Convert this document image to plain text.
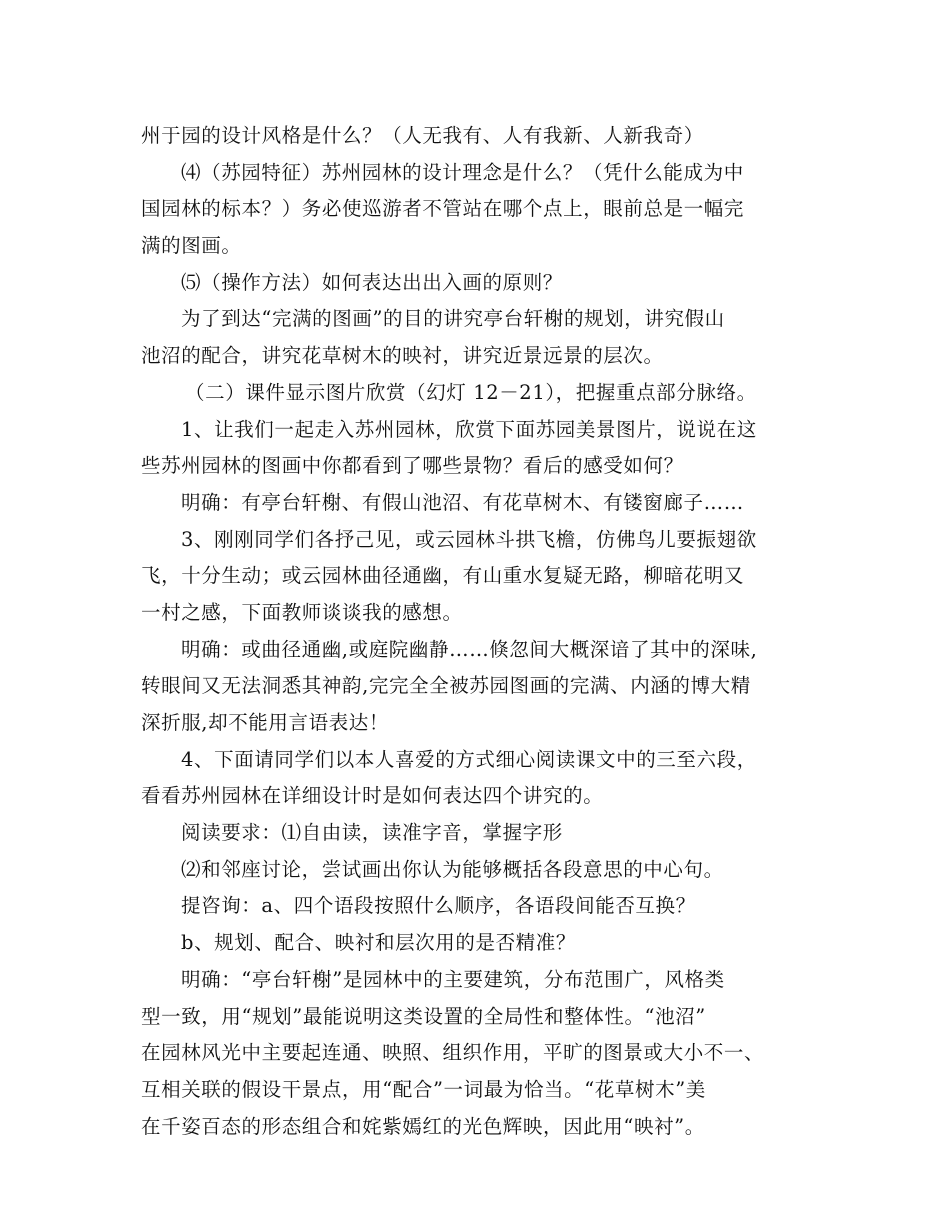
州于园的设计风格是什么？（人无我有、人有我新、人新我奇）
⑷（苏园特征）苏州园林的设计理念是什么？（凭什么能成为中
国园林的标本？）务必使巡游者不管站在哪个点上，眼前总是一幅完
满的图画。
⑸（操作方法）如何表达出出入画的原则？
为了到达“完满的图画”的目的讲究亭台轩榭的规划，讲究假山
池沼的配合，讲究花草树木的映衬，讲究近景远景的层次。
（二）课件显示图片欣赏（幻灯 12－21），把握重点部分脉络。
1、让我们一起走入苏州园林，欣赏下面苏园美景图片，说说在这
些苏州园林的图画中你都看到了哪些景物？看后的感受如何？
明确：有亭台轩榭、有假山池沼、有花草树木、有镂窗廊子……
3、刚刚同学们各抒己见，或云园林斗拱飞檐，仿佛鸟儿要振翅欲
飞，十分生动；或云园林曲径通幽，有山重水复疑无路，柳暗花明又
一村之感，下面教师谈谈我的感想。
明确：或曲径通幽,或庭院幽静……倏忽间大概深谙了其中的深味,
转眼间又无法洞悉其神韵,完完全全被苏园图画的完满、内涵的博大精
深折服,却不能用言语表达！
4、下面请同学们以本人喜爱的方式细心阅读课文中的三至六段，
看看苏州园林在详细设计时是如何表达四个讲究的。
阅读要求：⑴自由读，读准字音，掌握字形
⑵和邻座讨论，尝试画出你认为能够概括各段意思的中心句。
提咨询：a、四个语段按照什么顺序，各语段间能否互换？
b、规划、配合、映衬和层次用的是否精准？
明确：“亭台轩榭”是园林中的主要建筑，分布范围广，风格类
型一致，用“规划”最能说明这类设置的全局性和整体性。“池沼”
在园林风光中主要起连通、映照、组织作用，平旷的图景或大小不一、
互相关联的假设干景点，用“配合”一词最为恰当。“花草树木”美
在千姿百态的形态组合和姹紫嫣红的光色辉映，因此用“映衬”。
